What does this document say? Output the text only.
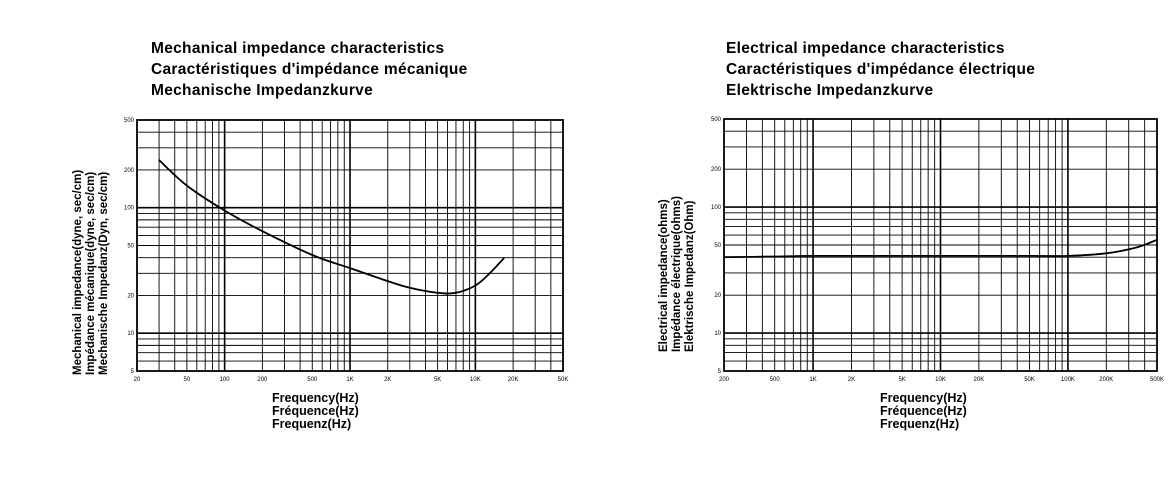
Mechanical impedance characteristics
Caractéristiques d'impédance mécanique
Mechanische Impedanzkurve
Mechanical impedance(dyne, sec/cm) Impédance mécanique(dyne, sec/cm) Mechanische Impedanz(Dyn, sec/cm)
20	50	100	200	500	1K	2K	5K	10K	20K	50K
5
10
20
50
100
200
500
Frequency(Hz)
Fréquence(Hz)
Frequenz(Hz)
Electrical impedance characteristics
Caractéristiques d'impédance électrique
Elektrische Impedanzkurve
Electrical impedance(ohms) Impédance électrique(ohms) Elektrische Impedanz(Ohm)
200	500	1K	2K	5K	10K	20K	50K	100K	200K	500K
5
10
20
50
100
200
500
Frequency(Hz)
Fréquence(Hz)
Frequenz(Hz)
